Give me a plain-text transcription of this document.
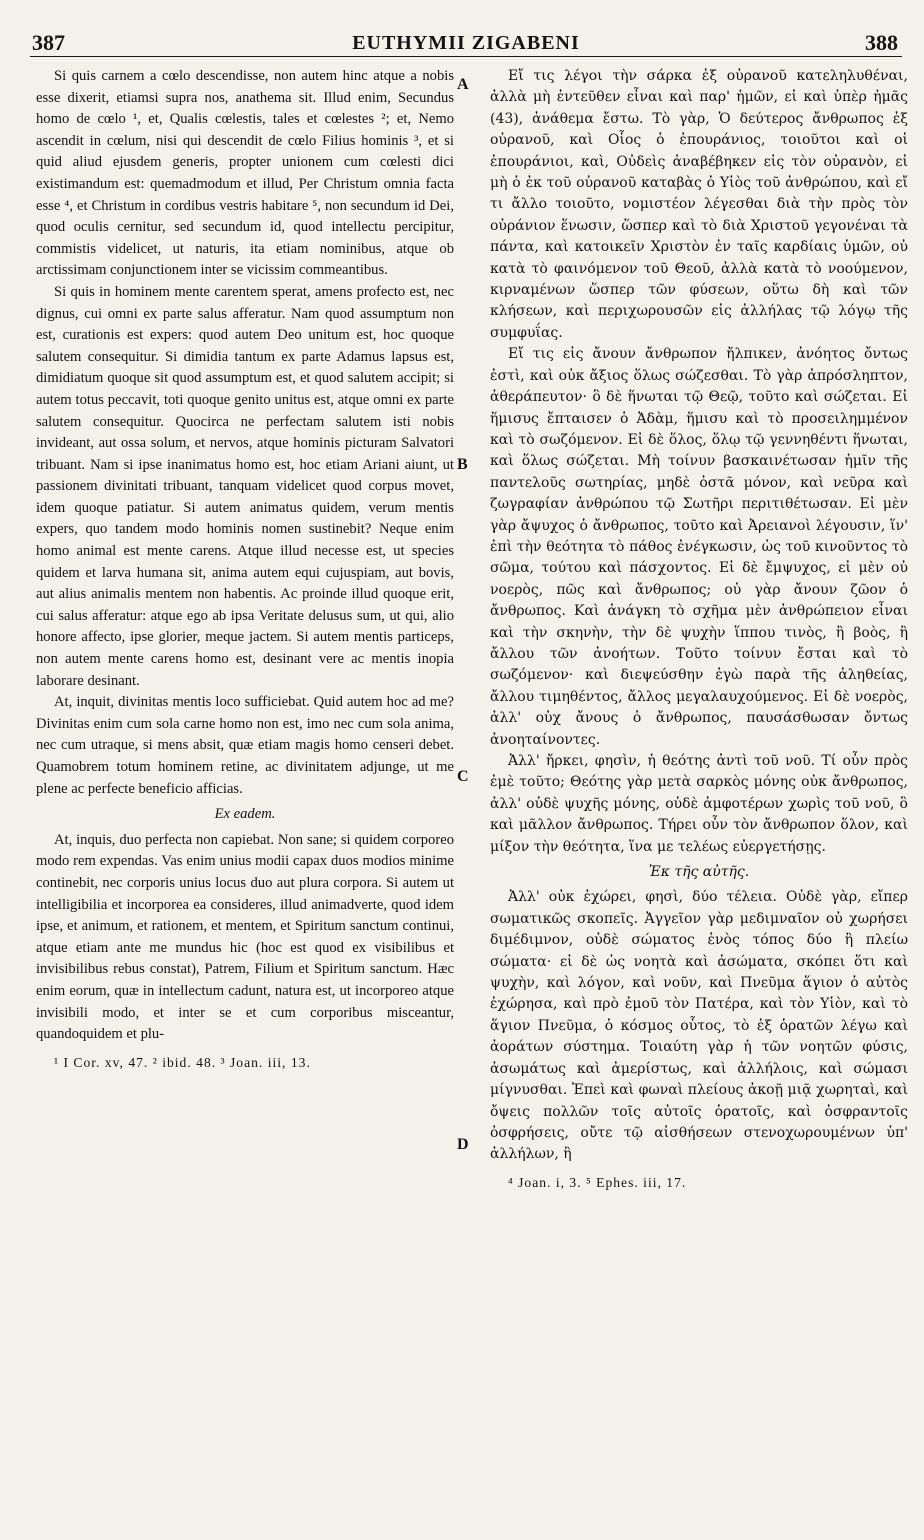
387	EUTHYMII ZIGABENI	388

Si quis carnem a cœlo descendisse, non autem hinc atque a nobis esse dixerit, etiamsi supra nos, anathema sit. Illud enim, Secundus homo de cœlo ¹, et, Qualis cœlestis, tales et cœlestes ²; et, Nemo ascendit in cœlum, nisi qui descendit de cœlo Filius hominis ³, et si quid aliud ejusdem generis, propter unionem cum cœlesti dici existimandum est: quemadmodum et illud, Per Christum omnia facta esse ⁴, et Christum in cordibus vestris habitare ⁵, non secundum id Dei, quod oculis cernitur, sed secundum id, quod intellectu percipitur, commistis videlicet, ut naturis, ita etiam nominibus, atque ob arctissimam conjunctionem inter se vicissim commeantibus.

Si quis in hominem mente carentem sperat, amens profecto est, nec dignus, cui omni ex parte salus afferatur. Nam quod assumptum non est, curationis est expers: quod autem Deo unitum est, hoc quoque salutem consequitur. Si dimidia tantum ex parte Adamus lapsus est, dimidiatum quoque sit quod assumptum est, et quod salutem accipit; si autem totus peccavit, toti quoque genito unitus est, atque omni ex parte salutem consequitur. Quocirca ne perfectam salutem isti nobis invideant, aut ossa solum, et nervos, atque hominis picturam Salvatori tribuant. Nam si ipse inanimatus homo est, hoc etiam Ariani aiunt, ut passionem divinitati tribuant, tanquam videlicet quod corpus movet, idem quoque patiatur. Si autem animatus quidem, verum mentis expers, quo tandem modo hominis nomen sustinebit? Neque enim homo animal est mente carens. Atque illud necesse est, ut species quidem et larva humana sit, anima autem equi cujuspiam, aut bovis, aut alius animalis mentem non habentis. Ac proinde illud quoque erit, cui salus afferatur: atque ego ab ipsa Veritate delusus sum, ut qui, alio honore affecto, ipse glorier, meque jactem. Si autem mentis particeps, non autem mente carens homo est, desinant vere ac mentis inopia laborare desinant.

At, inquit, divinitas mentis loco sufficiebat. Quid autem hoc ad me? Divinitas enim cum sola carne homo non est, imo nec cum sola anima, nec cum utraque, si mens absit, quæ etiam magis homo censeri debet. Quamobrem totum hominem retine, ac divinitatem adjunge, ut me plene ac perfecte beneficio afficias.

Ex eadem.

At, inquis, duo perfecta non capiebat. Non sane; si quidem corporeo modo rem expendas. Vas enim unius modii capax duos modios minime continebit, nec corporis unius locus duo aut plura corpora. Si autem ut intelligibilia et incorporea ea consideres, illud animadverte, quod idem ipse, et animum, et rationem, et mentem, et Spiritum sanctum continui, atque etiam ante me mundus hic (hoc est quod ex visibilibus et invisibilibus rebus constat), Patrem, Filium et Spiritum sanctum. Hæc enim eorum, quæ in intellectum cadunt, natura est, ut incorporeo atque invisibili modo, et inter se et cum corporibus misceantur, quandoquidem et plu-

¹ I Cor. xv, 47. ² ibid. 48. ³ Joan. iii, 13.

A
B
C
D

Εἴ τις λέγοι τὴν σάρκα ἐξ οὐρανοῦ κατεληλυθέναι, ἀλλὰ μὴ ἐντεῦθεν εἶναι καὶ παρ' ἡμῶν, εἰ καὶ ὑπὲρ ἡμᾶς (43), ἀνάθεμα ἔστω. Τὸ γὰρ, Ὁ δεύτερος ἄνθρωπος ἐξ οὐρανοῦ, καὶ Οἷος ὁ ἐπουράνιος, τοιοῦτοι καὶ οἱ ἐπουράνιοι, καὶ, Οὐδεὶς ἀναβέβηκεν εἰς τὸν οὐρανὸν, εἰ μὴ ὁ ἐκ τοῦ οὐρανοῦ καταβὰς ὁ Υἱὸς τοῦ ἀνθρώπου, καὶ εἴ τι ἄλλο τοιοῦτο, νομιστέον λέγεσθαι διὰ τὴν πρὸς τὸν οὐράνιον ἕνωσιν, ὥσπερ καὶ τὸ διὰ Χριστοῦ γεγονέναι τὰ πάντα, καὶ κατοικεῖν Χριστὸν ἐν ταῖς καρδίαις ὑμῶν, οὐ κατὰ τὸ φαινόμενον τοῦ Θεοῦ, ἀλλὰ κατὰ τὸ νοούμενον, κιρναμένων ὥσπερ τῶν φύσεων, οὕτω δὴ καὶ τῶν κλήσεων, καὶ περιχωρουσῶν εἰς ἀλλήλας τῷ λόγῳ τῆς συμφυΐας.

Εἴ τις εἰς ἄνουν ἄνθρωπον ἤλπικεν, ἀνόητος ὄντως ἐστὶ, καὶ οὐκ ἄξιος ὅλως σώζεσθαι. Τὸ γὰρ ἀπρόσληπτον, ἀθεράπευτον· ὃ δὲ ἥνωται τῷ Θεῷ, τοῦτο καὶ σώζεται. Εἰ ἥμισυς ἔπταισεν ὁ Ἀδὰμ, ἥμισυ καὶ τὸ προσειλημμένον καὶ τὸ σωζόμενον. Εἰ δὲ ὅλος, ὅλῳ τῷ γεννηθέντι ἥνωται, καὶ ὅλως σώζεται. Μὴ τοίνυν βασκαινέτωσαν ἡμῖν τῆς παντελοῦς σωτηρίας, μηδὲ ὀστᾶ μόνον, καὶ νεῦρα καὶ ζωγραφίαν ἀνθρώπου τῷ Σωτῆρι περιτιθέτωσαν. Εἰ μὲν γὰρ ἄψυχος ὁ ἄνθρωπος, τοῦτο καὶ Ἀρειανοὶ λέγουσιν, ἵν' ἐπὶ τὴν θεότητα τὸ πάθος ἐνέγκωσιν, ὡς τοῦ κινοῦντος τὸ σῶμα, τούτου καὶ πάσχοντος. Εἰ δὲ ἔμψυχος, εἰ μὲν οὐ νοερὸς, πῶς καὶ ἄνθρωπος; οὐ γὰρ ἄνουν ζῶον ὁ ἄνθρωπος. Καὶ ἀνάγκη τὸ σχῆμα μὲν ἀνθρώπειον εἶναι καὶ τὴν σκηνὴν, τὴν δὲ ψυχὴν ἵππου τινὸς, ἢ βοὸς, ἢ ἄλλου τῶν ἀνοήτων. Τοῦτο τοίνυν ἔσται καὶ τὸ σωζόμενον· καὶ διεψεύσθην ἐγὼ παρὰ τῆς ἀληθείας, ἄλλου τιμηθέντος, ἄλλος μεγαλαυχούμενος. Εἰ δὲ νοερὸς, ἀλλ' οὐχ ἄνους ὁ ἄνθρωπος, παυσάσθωσαν ὄντως ἀνοηταίνοντες.

Ἀλλ' ἤρκει, φησὶν, ἡ θεότης ἀντὶ τοῦ νοῦ. Τί οὖν πρὸς ἐμὲ τοῦτο; Θεότης γὰρ μετὰ σαρκὸς μόνης οὐκ ἄνθρωπος, ἀλλ' οὐδὲ ψυχῆς μόνης, οὐδὲ ἀμφοτέρων χωρὶς τοῦ νοῦ, ὃ καὶ μᾶλλον ἄνθρωπος. Τήρει οὖν τὸν ἄνθρωπον ὅλον, καὶ μίξον τὴν θεότητα, ἵνα με τελέως εὐεργετήσῃς.

Ἐκ τῆς αὐτῆς.

Ἀλλ' οὐκ ἐχώρει, φησὶ, δύο τέλεια. Οὐδὲ γὰρ, εἴπερ σωματικῶς σκοπεῖς. Ἀγγεῖον γὰρ μεδιμναῖον οὐ χωρήσει διμέδιμνον, οὐδὲ σώματος ἑνὸς τόπος δύο ἢ πλείω σώματα· εἰ δὲ ὡς νοητὰ καὶ ἀσώματα, σκόπει ὅτι καὶ ψυχὴν, καὶ λόγον, καὶ νοῦν, καὶ Πνεῦμα ἅγιον ὁ αὐτὸς ἐχώρησα, καὶ πρὸ ἐμοῦ τὸν Πατέρα, καὶ τὸν Υἱὸν, καὶ τὸ ἅγιον Πνεῦμα, ὁ κόσμος οὗτος, τὸ ἐξ ὁρατῶν λέγω καὶ ἀοράτων σύστημα. Τοιαύτη γὰρ ἡ τῶν νοητῶν φύσις, ἀσωμάτως καὶ ἀμερίστως, καὶ ἀλλήλοις, καὶ σώμασι μίγνυσθαι. Ἐπεὶ καὶ φωναὶ πλείους ἀκοῇ μιᾷ χωρηταὶ, καὶ ὄψεις πολλῶν τοῖς αὐτοῖς ὁρατοῖς, καὶ ὀσφραντοῖς ὀσφρήσεις, οὔτε τῷ αἰσθήσεων στενοχωρουμένων ὑπ' ἀλλήλων, ἢ

⁴ Joan. i, 3. ⁵ Ephes. iii, 17.
